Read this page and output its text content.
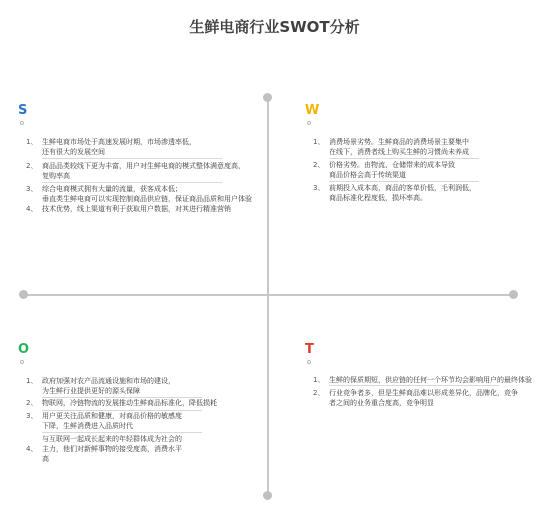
生鲜电商行业SWOT分析
S
1、 生鲜电商市场处于高速发展时期，市场渗透率低，
还有很大的发展空间
2、 商品品类较线下更为丰富，用户对生鲜电商的模式整体满意度高，
复购率高
3、 综合电商模式拥有大量的流量，获客成本低；
垂直类生鲜电商可以实现控制商品供应链，保证商品品质和用户体验
4、 技术优势，线上渠道有利于获取用户数据，对其进行精准营销
W
1、 消费场景劣势。生鲜商品的消费场景主要集中
在线下，消费者线上购买生鲜的习惯尚未养成
2、 价格劣势。由物流、仓储带来的成本导致
商品价格会高于传统渠道
3、 前期投入成本高，商品的客单价低，毛利润低，
商品标准化程度低，损坏率高。
O
1、 政府加强对农产品流通设施和市场的建设，
为生鲜行业提供更好的源头保障
2、 物联网，冷链物流的发展推动生鲜商品标准化，降低损耗
3、 用户更关注品质和健康，对商品价格的敏感度
下降，生鲜消费进入品质时代
4、
与互联网一起成长起来的年轻群体成为社会的
主力，他们对新鲜事物的接受度高，消费水平
高
T
1、 生鲜的保质期短，供应链的任何一个环节均会影响用户的最终体验
2、 行业竞争者多，但是生鲜商品难以形成差异化，品牌化，竞争
者之间的业务重合度高，竞争明显
